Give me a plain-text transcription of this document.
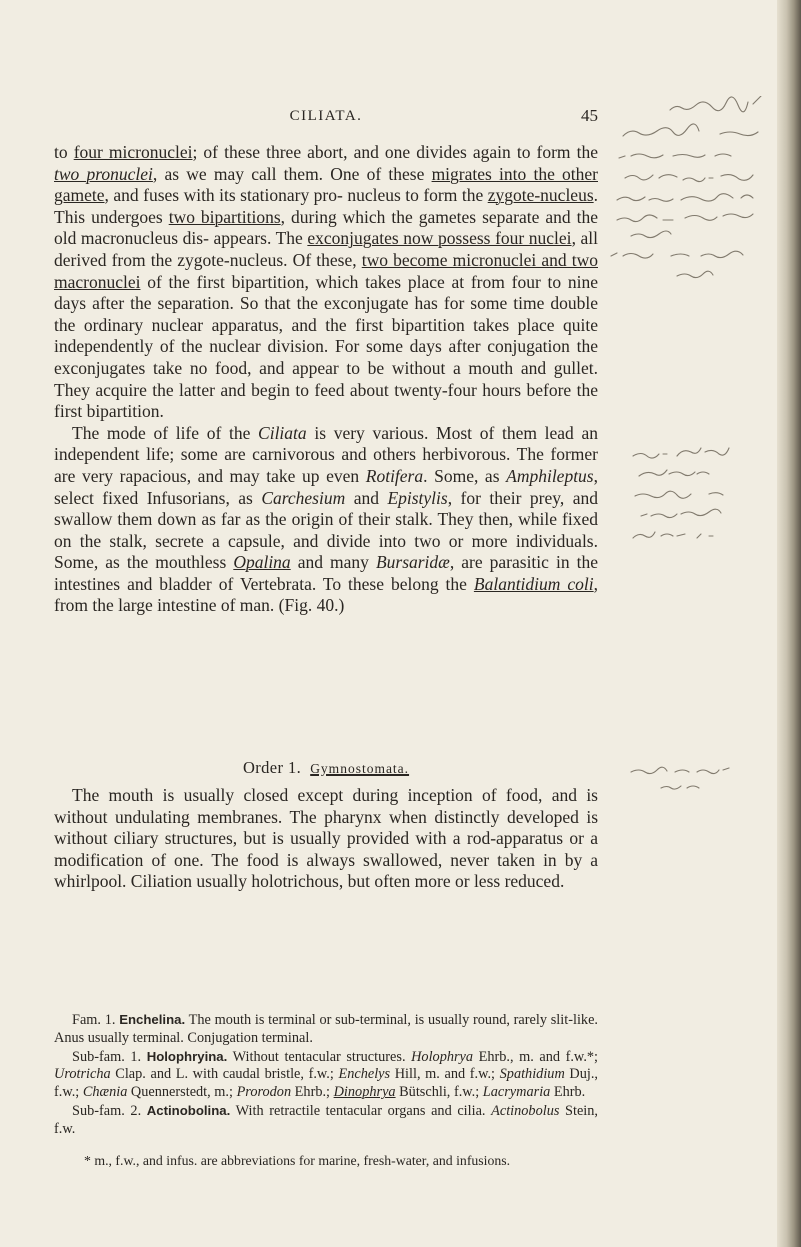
CILIATA.	45

to four micronuclei; of these three abort, and one divides again to form the two pronuclei, as we may call them. One of these migrates into the other gamete, and fuses with its stationary pro- nucleus to form the zygote-nucleus. This undergoes two bipartitions, during which the gametes separate and the old macronucleus dis- appears. The exconjugates now possess four nuclei, all derived from the zygote-nucleus. Of these, two become micronuclei and two macronuclei of the first bipartition, which takes place at from four to nine days after the separation. So that the exconjugate has for some time double the ordinary nuclear apparatus, and the first bipartition takes place quite independently of the nuclear division. For some days after conjugation the exconjugates take no food, and appear to be without a mouth and gullet. They acquire the latter and begin to feed about twenty-four hours before the first bipartition.

The mode of life of the Ciliata is very various. Most of them lead an independent life; some are carnivorous and others herbivorous. The former are very rapacious, and may take up even Rotifera. Some, as Amphileptus, select fixed Infusorians, as Carchesium and Epistylis, for their prey, and swallow them down as far as the origin of their stalk. They then, while fixed on the stalk, secrete a capsule, and divide into two or more individuals. Some, as the mouthless Opalina and many Bursaridæ, are parasitic in the intestines and bladder of Vertebrata. To these belong the Balantidium coli, from the large intestine of man. (Fig. 40.)

Order 1. Gymnostomata.

The mouth is usually closed except during inception of food, and is without undulating membranes. The pharynx when distinctly developed is without ciliary structures, but is usually provided with a rod-apparatus or a modification of one. The food is always swallowed, never taken in by a whirlpool. Ciliation usually holotrichous, but often more or less reduced.

Fam. 1. Enchelina. The mouth is terminal or sub-terminal, is usually round, rarely slit-like. Anus usually terminal. Conjugation terminal.

Sub-fam. 1. Holophryina. Without tentacular structures. Holophrya Ehrb., m. and f.w.*; Urotricha Clap. and L. with caudal bristle, f.w.; Enchelys Hill, m. and f.w.; Spathidium Duj., f.w.; Chænia Quennerstedt, m.; Prorodon Ehrb.; Dinophrya Bütschli, f.w.; Lacrymaria Ehrb.

Sub-fam. 2. Actinobolina. With retractile tentacular organs and cilia. Actinobolus Stein, f.w.

* m., f.w., and infus. are abbreviations for marine, fresh-water, and infusions.
